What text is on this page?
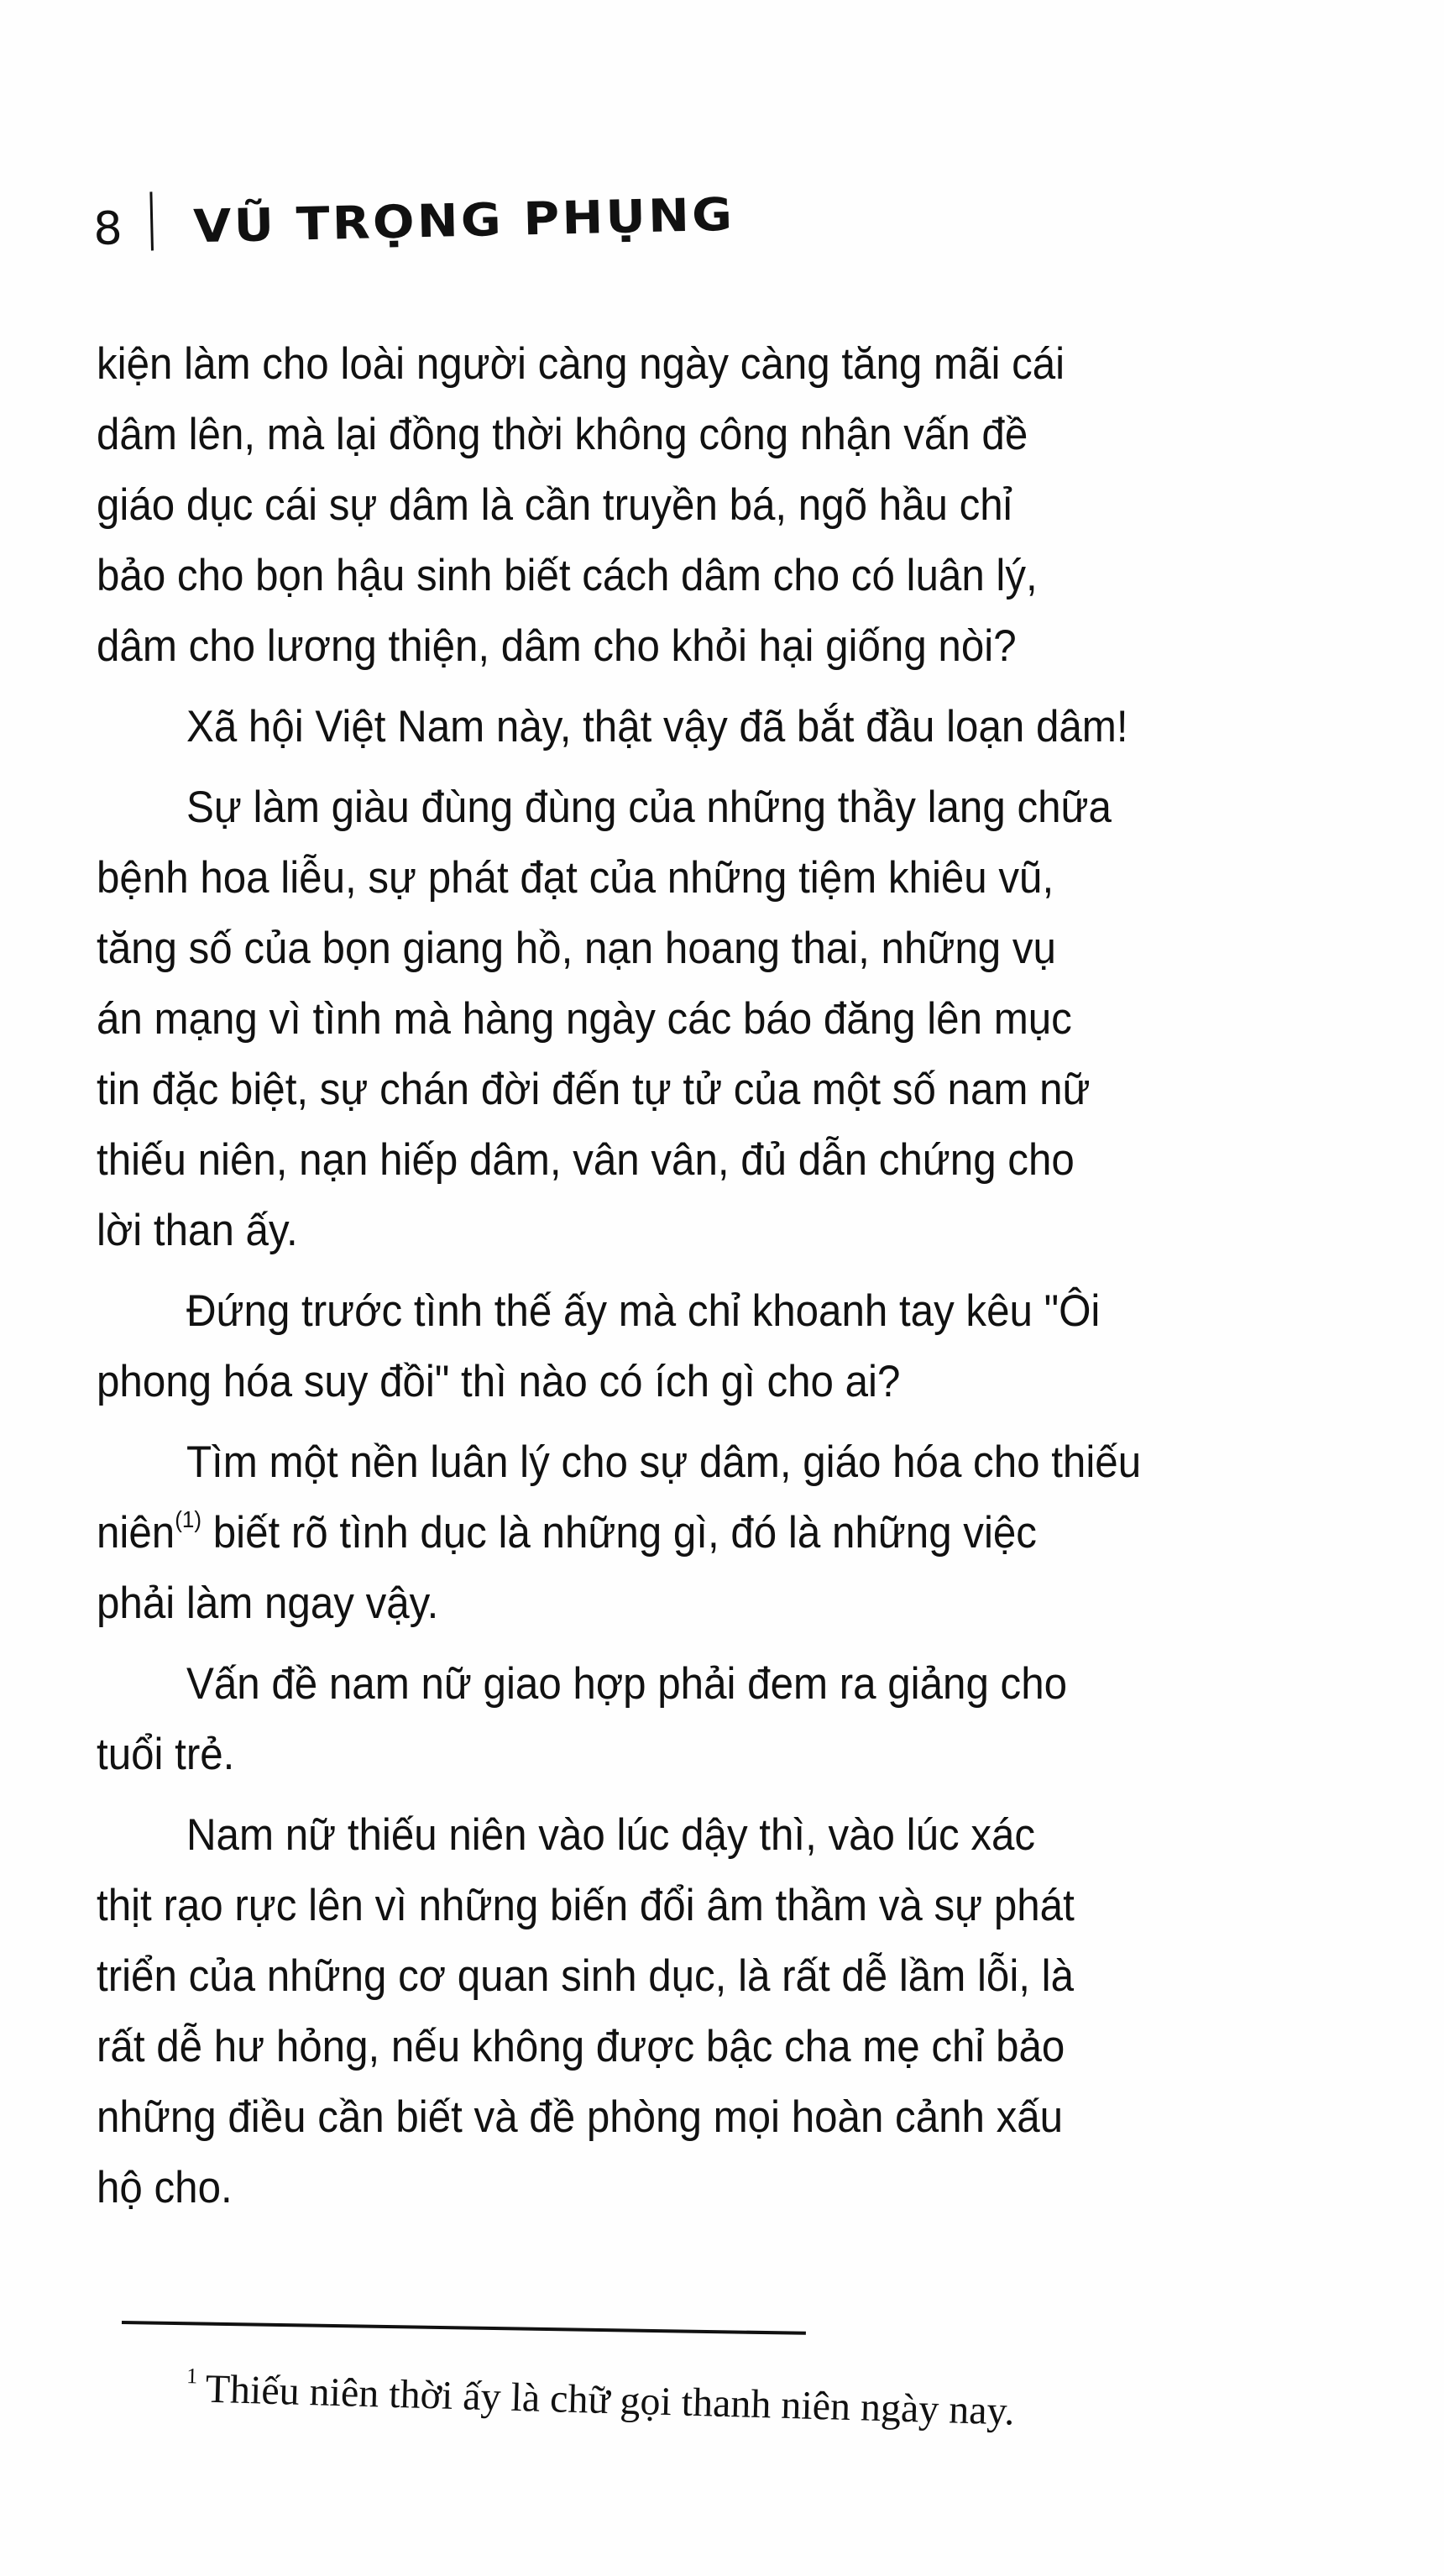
8 VŨ TRỌNG PHỤNG
kiện làm cho loài người càng ngày càng tăng mãi cái
dâm lên, mà lại đồng thời không công nhận vấn đề
giáo dục cái sự dâm là cần truyền bá, ngõ hầu chỉ
bảo cho bọn hậu sinh biết cách dâm cho có luân lý,
dâm cho lương thiện, dâm cho khỏi hại giống nòi?
Xã hội Việt Nam này, thật vậy đã bắt đầu loạn dâm!
Sự làm giàu đùng đùng của những thầy lang chữa
bệnh hoa liễu, sự phát đạt của những tiệm khiêu vũ,
tăng số của bọn giang hồ, nạn hoang thai, những vụ
án mạng vì tình mà hàng ngày các báo đăng lên mục
tin đặc biệt, sự chán đời đến tự tử của một số nam nữ
thiếu niên, nạn hiếp dâm, vân vân, đủ dẫn chứng cho
lời than ấy.
Đứng trước tình thế ấy mà chỉ khoanh tay kêu "Ôi
phong hóa suy đồi" thì nào có ích gì cho ai?
Tìm một nền luân lý cho sự dâm, giáo hóa cho thiếu
niên$^{(1)}$ biết rõ tình dục là những gì, đó là những việc
phải làm ngay vậy.
Vấn đề nam nữ giao hợp phải đem ra giảng cho
tuổi trẻ.
Nam nữ thiếu niên vào lúc dậy thì, vào lúc xác
thịt rạo rực lên vì những biến đổi âm thầm và sự phát
triển của những cơ quan sinh dục, là rất dễ lầm lỗi, là
rất dễ hư hỏng, nếu không được bậc cha mẹ chỉ bảo
những điều cần biết và đề phòng mọi hoàn cảnh xấu
hộ cho.
$^1$ Thiếu niên thời ấy là chữ gọi thanh niên ngày nay.
